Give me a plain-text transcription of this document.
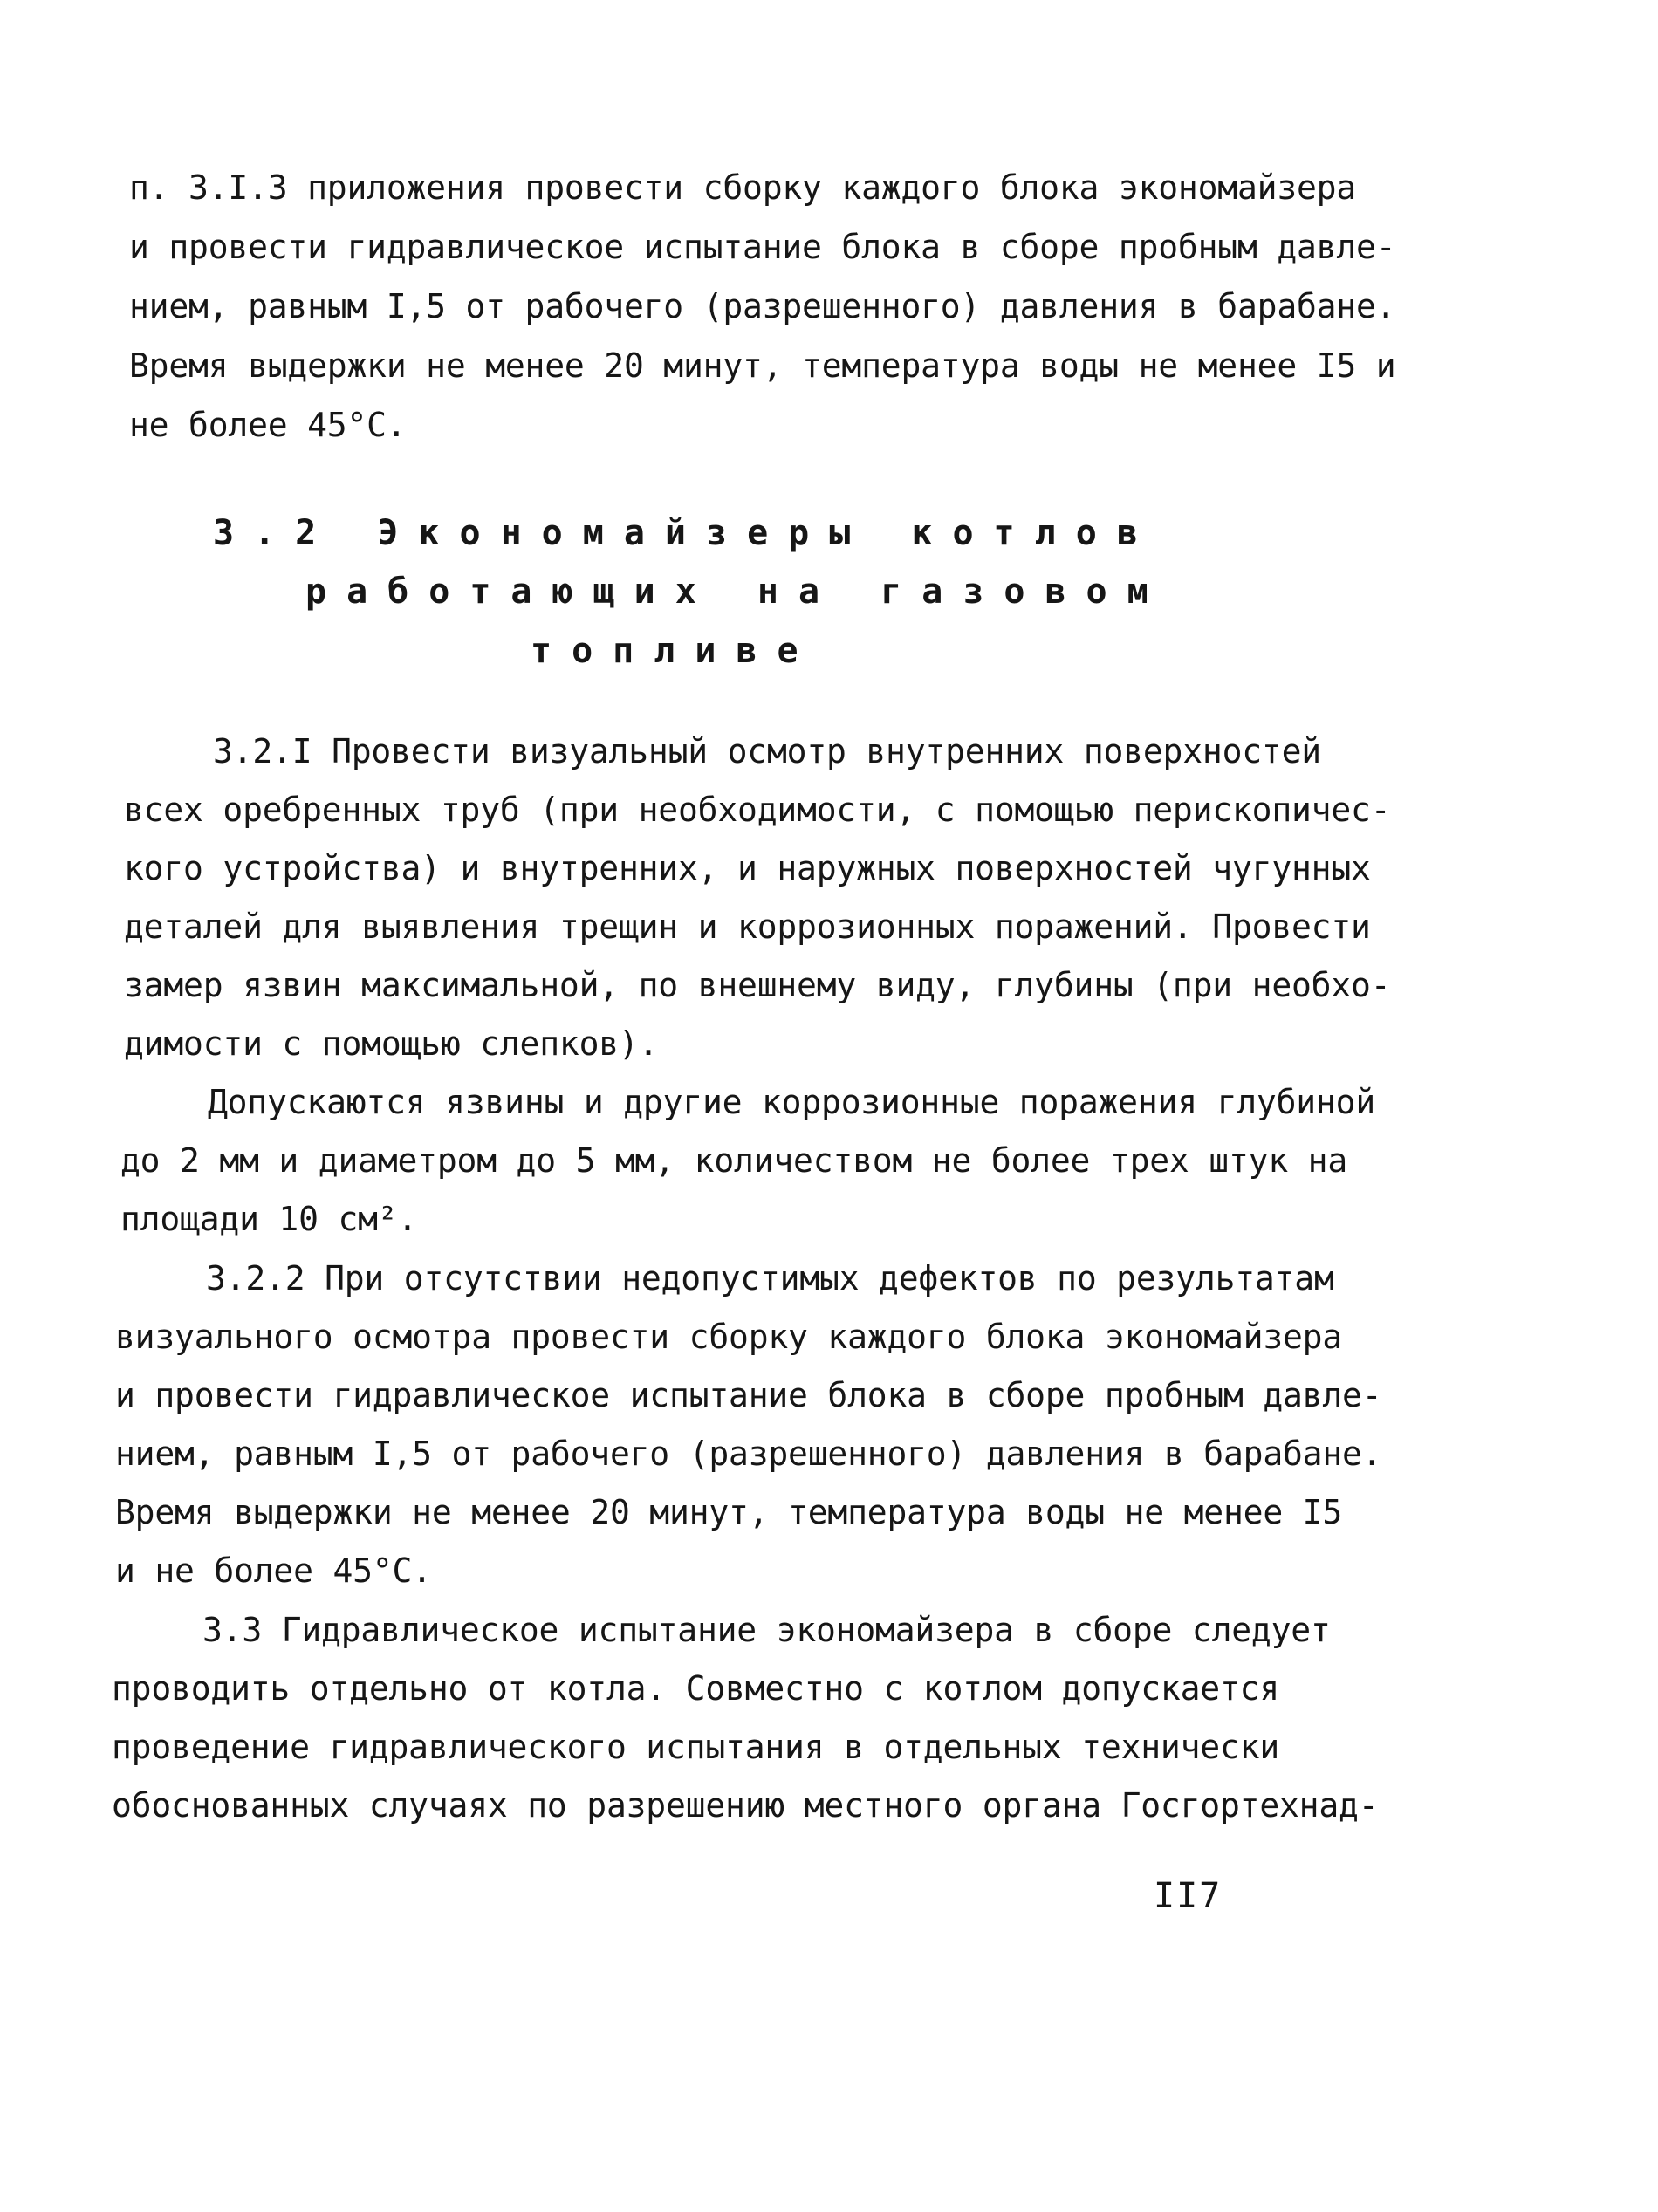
п. 3.I.3 приложения провести сборку каждого блока экономайзера
и провести гидравлическое испытание блока в сборе пробным давле-
нием, равным I,5 от рабочего (разрешенного) давления в барабане.
Время выдержки не менее 20 минут, температура воды не менее I5 и
не более 45°С.
3.2 Экономайзеры котлов
работающих на газовом
топливе
3.2.I Провести визуальный осмотр внутренних поверхностей
всех оребренных труб (при необходимости, с помощью перископичес-
кого устройства) и внутренних, и наружных поверхностей чугунных
деталей для выявления трещин и коррозионных поражений. Провести
замер язвин максимальной, по внешнему виду, глубины (при необхо-
димости с помощью слепков).
Допускаются язвины и другие коррозионные поражения глубиной
до 2 мм и диаметром до 5 мм, количеством не более трех штук на
площади 10 см².
3.2.2 При отсутствии недопустимых дефектов по результатам
визуального осмотра провести сборку каждого блока экономайзера
и провести гидравлическое испытание блока в сборе пробным давле-
нием, равным I,5 от рабочего (разрешенного) давления в барабане.
Время выдержки не менее 20 минут, температура воды не менее I5
и не более 45°С.
3.3 Гидравлическое испытание экономайзера в сборе следует
проводить отдельно от котла. Совместно с котлом допускается
проведение гидравлического испытания в отдельных технически
обоснованных случаях по разрешению местного органа Госгортехнад-
II7
